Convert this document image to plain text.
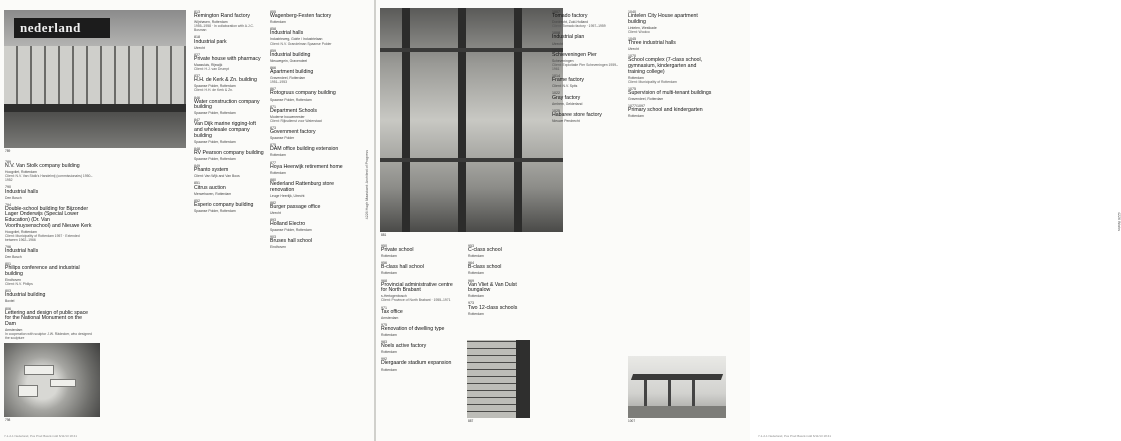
nederland
789
789
N.V. Van Stolk company building
Hoogvliet, Rotterdam
Client: N.V. Van Stolk's Handelmij (commissionairs) 1950–1952
790
Industrial halls
Den Bosch
794
Double-school building for Bijzonder Lager Onderwijs (Special Lower Education) (Dr. Van Voorthuysenschool) and Nieuwe Kerk
Hoogvliet, Rotterdam
Client: Municipality of Rotterdam 1957 · Extended between 1962–1966
796
Industrial halls
Den Bosch
801
Philips conference and industrial building
Eindhoven
Client: N.V. Philips
803
Industrial building
Boxtel
806
Lettering and design of public space for the National Monument on the Dam
Amsterdam
In cooperation with sculptor J.W. Rädecker, who designed the sculpture
798
813
Remington Rand factory
Wijnhaven, Rotterdam
1955–1958 · In collaboration with A.J.C. Bosman
818
Industrial park
Utrecht
827
Private house with pharmacy
Maassluis, Rijswijk
Client: H.J. van Drumpt
837
H.H. de Kerk & Zn. building
Spaanse Polder, Rotterdam
Client: H.H. de Kerk & Zn.
846
Water construction company building
Spaanse Polder, Rotterdam
847
Van Dijk marine rigging-loft and wholesale company building
Spaanse Polder, Rotterdam
848
RV Pearson company building
Spaanse Polder, Rotterdam
849
Phanto system
Client: Van Wijk and Van Boos
851
Citrus auction
Merwehaven, Rotterdam
852
Esperio company building
Spaanse Polder, Rotterdam
855
Wagenberg-Festen factory
Rotterdam
858
Industrial halls
Industrieweg, Goirle / Industrielaan
Client: N.V. Grandelman Spaanse Polder
859
Industrial building
Nieuwegein, Gravendeel
866
Apartment building
Gravendeel, Rotterdam
1951–1953
867
Rotogruus company building
Spaanse Polder, Rotterdam
871
Department Schools
Moderne bouwmeester
Client: Rijksdienst voor Waterstaat
873
Government factory
Spaanse Polder
875
DAM office building extension
Rotterdam
877
Hoya Heerwijk retirement home
Rotterdam
880
Nederland Rattenburg store renovation
Leuge Heerlijk, Utrecht
882
Burger passage office
Utrecht
893
Holland Electro
Spaanse Polder, Rotterdam
903
Bruses hall school
Eindhoven
4226 Hugh Maaskant: Architect of Progress
7-1-2-1 Nederland, Pos Prod Bwerk.indd 6/11/13 18:41
881
950
Private school
Rotterdam
956
B-class hall school
Rotterdam
968
Provincial administrative centre for North Brabant
s-Hertogenbosch
Client: Province of North Brabant · 1955–1971
971
Tax office
Amsterdam
975
Renovation of dwelling type
Rotterdam
983
Noels active factory
Rotterdam
992
Diergaarde stadium expansion
Rotterdam
953
C-class school
Rotterdam
964
B-class school
Rotterdam
969
Van Vliet & Van Dulst bungalow
Rotterdam
973
Two 12-class schools
Rotterdam
887
1007
Tomado factory
Dordrecht, Zuid-Holland
Client: Tomado factory · 1957–1959
1008
Industrial plan
Utrecht
1010
Schieveningen Pier
Scheveningen
Client: Exploitatie Pier Scheveningen 1959–1961
1014
Frame factory
Client: N.V. Spits
1022
Gray factory
Arnhem, Gelderland
1025
Habaree store factory
Nieuwe Pendrecht
1040
Lintelen City House apartment building
Lintelen, Westkade
Client: Woolco
1045
Three industrial halls
Utrecht
1070
School complex (7-class school, gymnasium, kindergarten and training college)
Rotterdam
Client: Municipality of Rotterdam
1075
Supervision of multi-tenant buildings
Gravendeel, Rotterdam
1077/1097
Primary school and kindergarten
Rotterdam
1007
4226 Works
7-1-2-1 Nederland, Pos Prod Bwerk.indd 6/11/13 18:41
